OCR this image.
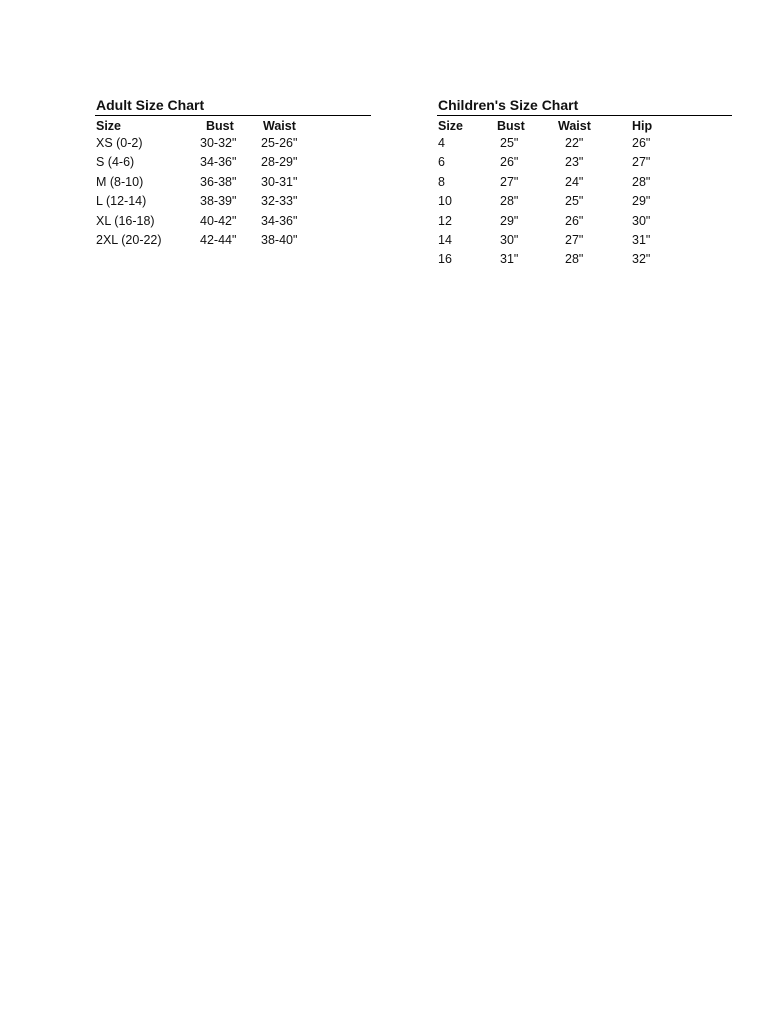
Adult Size Chart
Size	Bust Waist
XS (0-2)	30-32" 25-26"
S (4-6)	34-36" 28-29"
M (8-10)	36-38" 30-31"
L (12-14)	38-39" 32-33"
XL (16-18)	40-42" 34-36"
2XL (20-22)	42-44" 38-40"
Children's Size Chart
Size	Bust	Waist	Hip
4	25"	22"	26"
6	26"	23"	27"
8	27"	24"	28"
10	28"	25"	29"
12	29"	26"	30"
14	30"	27"	31"
16	31"	28"	32"
